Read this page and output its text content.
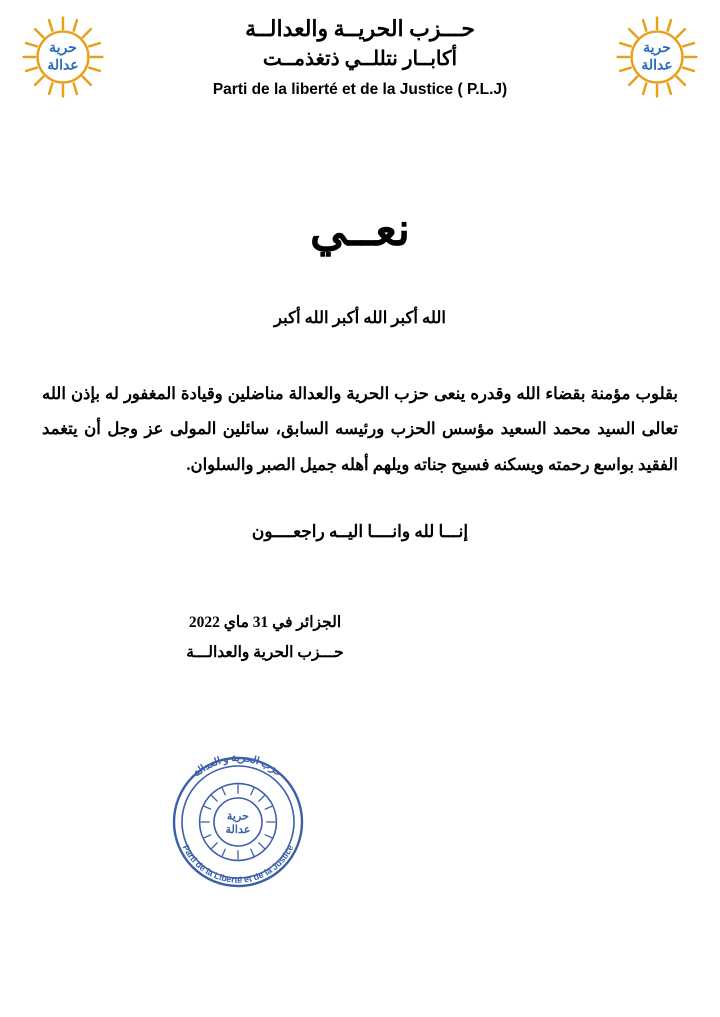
حرية
عدالة
حرية
عدالة
حـــزب الحريــة والعدالــة
أكابــار نتللــي ذتغذمــت
Parti de la liberté et de la Justice ( P.L.J)
نعــي
الله أكبر الله أكبر الله أكبر
بقلوب مؤمنة بقضاء الله وقدره ينعى حزب الحرية والعدالة مناضلين وقيادة المغفور له بإذن الله تعالى السيد محمد السعيد مؤسس الحزب ورئيسه السابق، سائلين المولى عز وجل أن يتغمد الفقيد بواسع رحمته ويسكنه فسيح جناته ويلهم أهله جميل الصبر والسلوان.
إنـــا لله وانــــا اليــه راجعــــون
الجزائر في 31 ماي 2022
حـــزب الحرية والعدالـــة
حرية
عدالة
حزب الحرية و العدالة
Parti de la Liberté et de la Justice
